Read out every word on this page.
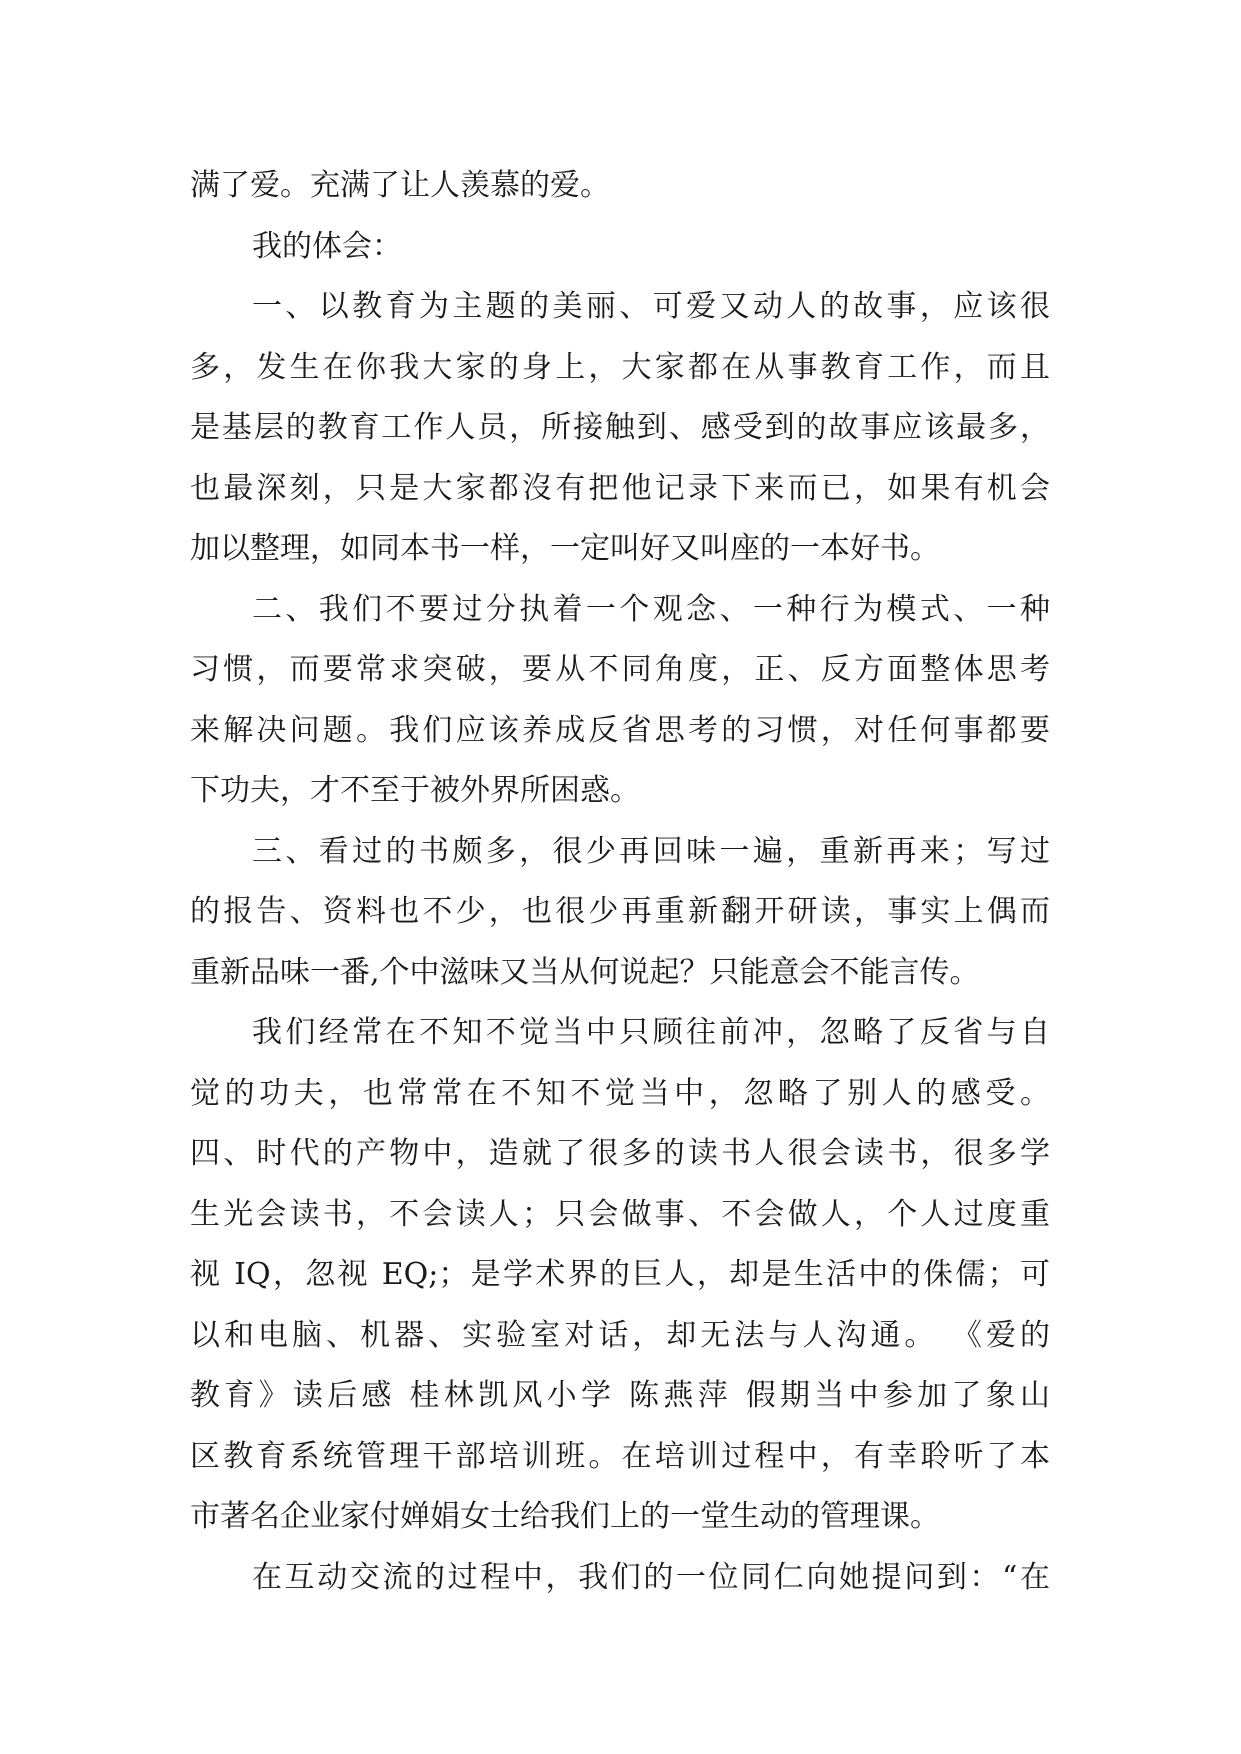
满了爱。充满了让人羡慕的爱。
我的体会：
一、以教育为主题的美丽、可爱又动人的故事，应该很
多，发生在你我大家的身上，大家都在从事教育工作，而且
是基层的教育工作人员，所接触到、感受到的故事应该最多，
也最深刻，只是大家都沒有把他记录下来而已，如果有机会
加以整理，如同本书一样，一定叫好又叫座的一本好书。
二、我们不要过分执着一个观念、一种行为模式、一种
习惯，而要常求突破，要从不同角度，正、反方面整体思考
来解决问题。我们应该养成反省思考的习惯，对任何事都要
下功夫，才不至于被外界所困惑。
三、看过的书颇多，很少再回味一遍，重新再来；写过
的报告、资料也不少，也很少再重新翻开研读，事实上偶而
重新品味一番,个中滋味又当从何说起？只能意会不能言传。
我们经常在不知不觉当中只顾往前冲，忽略了反省与自
觉的功夫，也常常在不知不觉当中，忽略了别人的感受。
四、时代的产物中，造就了很多的读书人很会读书，很多学
生光会读书，不会读人；只会做事、不会做人，个人过度重
视 IQ，忽视 EQ;；是学术界的巨人，却是生活中的侏儒；可
以和电脑、机器、实验室对话，却无法与人沟通。 《爱的
教育》读后感 桂林凯风小学 陈燕萍 假期当中参加了象山
区教育系统管理干部培训班。在培训过程中，有幸聆听了本
市著名企业家付婵娟女士给我们上的一堂生动的管理课。
在互动交流的过程中，我们的一位同仁向她提问到：“在
